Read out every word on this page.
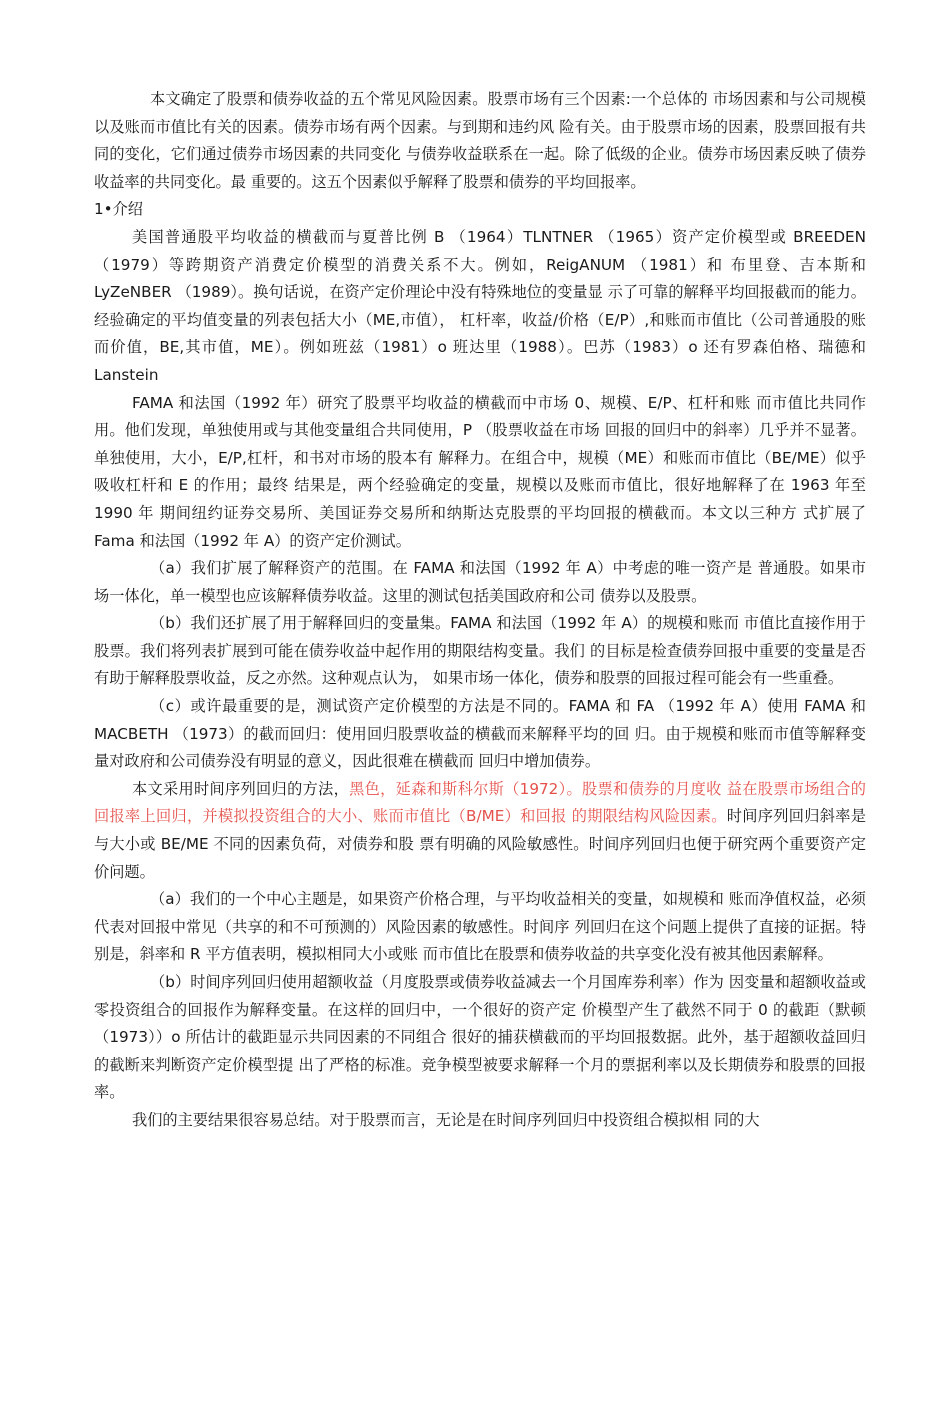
本文确定了股票和债券收益的五个常见风险因素。股票市场有三个因素:一个总体的 市场因素和与公司规模以及账而市值比有关的因素。债券市场有两个因素。与到期和违约风 险有关。由于股票市场的因素，股票回报有共同的变化，它们通过债券市场因素的共同变化 与债券收益联系在一起。除了低级的企业。债券市场因素反映了债券收益率的共同变化。最 重要的。这五个因素似乎解释了股票和债券的平均回报率。

1•介绍

美国普通股平均收益的横截而与夏普比例 B （1964）TLNTNER （1965）资产定价模型或 BREEDEN （1979）等跨期资产消费定价模型的消费关系不大。例如，ReigANUM （1981）和 布里登、吉本斯和 LyZeNBER （1989）。换句话说，在资产定价理论中没有特殊地位的变量显 示了可靠的解释平均回报截而的能力。经验确定的平均值变量的列表包括大小（ME,市值）， 杠杆率，收益/价格（E/P）,和账而市值比（公司普通股的账而价值，BE,其市值，ME）。例如班兹（1981）o 班达里（1988）。巴苏（1983）o 还有罗森伯格、瑞德和 Lanstein

FAMA 和法国（1992 年）研究了股票平均收益的横截而中市场 0、规模、E/P、杠杆和账 而市值比共同作用。他们发现，单独使用或与其他变量组合共同使用，P （股票收益在市场 回报的回归中的斜率）几乎并不显著。单独使用，大小，E/P,杠杆，和书对市场的股本有 解释力。在组合中，规模（ME）和账而市值比（BE/ME）似乎吸收杠杆和 E 的作用；最终 结果是，两个经验确定的变量，规模以及账而市值比，很好地解释了在 1963 年至 1990 年 期间纽约证券交易所、美国证券交易所和纳斯达克股票的平均回报的横截而。本文以三种方 式扩展了 Fama 和法国（1992 年 A）的资产定价测试。

（a）我们扩展了解释资产的范围。在 FAMA 和法国（1992 年 A）中考虑的唯一资产是 普通股。如果市场一体化，单一模型也应该解释债券收益。这里的测试包括美国政府和公司 债券以及股票。

（b）我们还扩展了用于解释回归的变量集。FAMA 和法国（1992 年 A）的规模和账而 市值比直接作用于股票。我们将列表扩展到可能在债券收益中起作用的期限结构变量。我们 的目标是检查债券回报中重要的变量是否有助于解释股票收益，反之亦然。这种观点认为， 如果市场一体化，债券和股票的回报过程可能会有一些重叠。

（c）或许最重要的是，测试资产定价模型的方法是不同的。FAMA 和 FA （1992 年 A）使用 FAMA 和 MACBETH （1973）的截而回归：使用回归股票收益的横截而来解释平均的回 归。由于规模和账而市值等解释变量对政府和公司债券没有明显的意义，因此很难在横截而 回归中增加债券。

本文采用时间序列回归的方法，黑色，延森和斯科尔斯（1972）。股票和债券的月度收 益在股票市场组合的回报率上回归，并模拟投资组合的大小、账而市值比（B/ME）和回报 的期限结构风险因素。时间序列回归斜率是与大小或 BE/ME 不同的因素负荷，对债券和股 票有明确的风险敏感性。时间序列回归也便于研究两个重要资产定价问题。

（a）我们的一个中心主题是，如果资产价格合理，与平均收益相关的变量，如规模和 账而净值权益，必须代表对回报中常见（共享的和不可预测的）风险因素的敏感性。时间序 列回归在这个问题上提供了直接的证据。特别是，斜率和 R 平方值表明，模拟相同大小或账 而市值比在股票和债券收益的共享变化没有被其他因素解释。

（b）时间序列回归使用超额收益（月度股票或债券收益减去一个月国库券利率）作为 因变量和超额收益或零投资组合的回报作为解释变量。在这样的回归中，一个很好的资产定 价模型产生了截然不同于 0 的截距（默顿（1973））o 所估计的截距显示共同因素的不同组合 很好的捕获横截而的平均回报数据。此外，基于超额收益回归的截断来判断资产定价模型提 出了严格的标准。竞争模型被要求解释一个月的票据利率以及长期债券和股票的回报率。

我们的主要结果很容易总结。对于股票而言，无论是在时间序列回归中投资组合模拟相 同的大
